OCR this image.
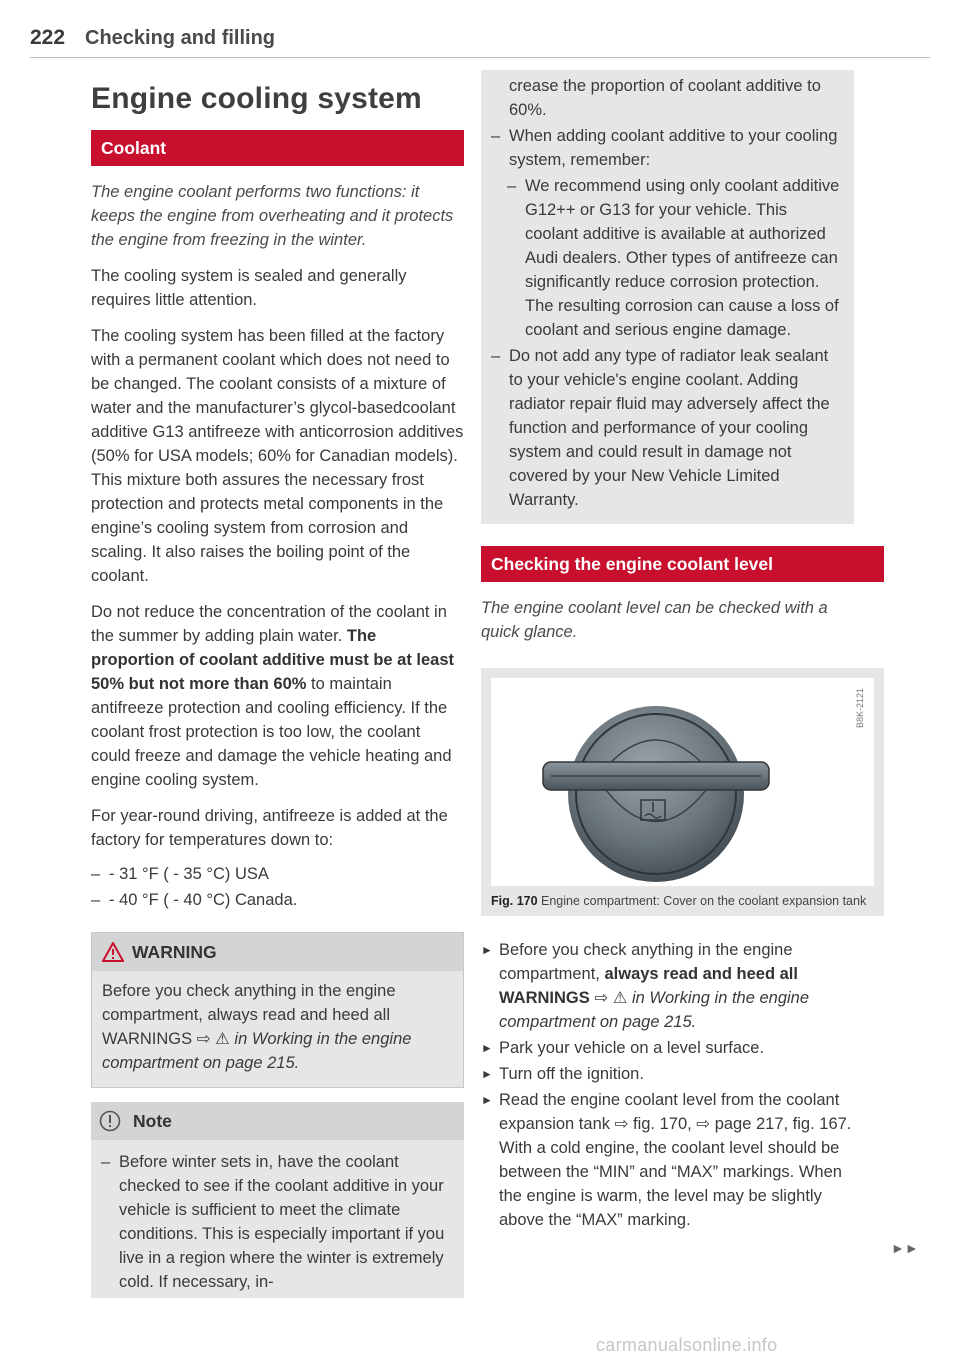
222 Checking and filling
Engine cooling system
Coolant
The engine coolant performs two functions: it keeps the engine from overheating and it protects the engine from freezing in the winter.

The cooling system is sealed and generally requires little attention.

The cooling system has been filled at the factory with a permanent coolant which does not need to be changed. The coolant consists of a mixture of water and the manufacturer’s glycol-basedcoolant additive G13 antifreeze with anticorrosion additives (50% for USA models; 60% for Canadian models). This mixture both assures the necessary frost protection and protects metal components in the engine’s cooling system from corrosion and scaling. It also raises the boiling point of the coolant.

Do not reduce the concentration of the coolant in the summer by adding plain water. The proportion of coolant additive must be at least 50% but not more than 60% to maintain antifreeze protection and cooling efficiency. If the coolant frost protection is too low, the coolant could freeze and damage the vehicle heating and engine cooling system.

For year-round driving, antifreeze is added at the factory for temperatures down to:

– - 31 °F ( - 35 °C) USA
– - 40 °F ( - 40 °C) Canada.
WARNING
Before you check anything in the engine compartment, always read and heed all WARNINGS ⇨ ⚠ in Working in the engine compartment on page 215.
Note
– Before winter sets in, have the coolant checked to see if the coolant additive in your vehicle is sufficient to meet the climate conditions. This is especially important if you live in a region where the winter is extremely cold. If necessary, in-
crease the proportion of coolant additive to 60%.
– When adding coolant additive to your cooling system, remember:
– We recommend using only coolant additive G12++ or G13 for your vehicle. This coolant additive is available at authorized Audi dealers. Other types of antifreeze can significantly reduce corrosion protection. The resulting corrosion can cause a loss of coolant and serious engine damage.
– Do not add any type of radiator leak sealant to your vehicle's engine coolant. Adding radiator repair fluid may adversely affect the function and performance of your cooling system and could result in damage not covered by your New Vehicle Limited Warranty.
Checking the engine coolant level
The engine coolant level can be checked with a quick glance.
B8K-2121
Fig. 170 Engine compartment: Cover on the coolant expansion tank
► Before you check anything in the engine compartment, always read and heed all WARNINGS ⇨ ⚠ in Working in the engine compartment on page 215.
► Park your vehicle on a level surface.
► Turn off the ignition.
► Read the engine coolant level from the coolant expansion tank ⇨ fig. 170, ⇨ page 217, fig. 167. With a cold engine, the coolant level should be between the “MIN” and “MAX” markings. When the engine is warm, the level may be slightly above the “MAX” marking.
►►
carmanualsonline.info
